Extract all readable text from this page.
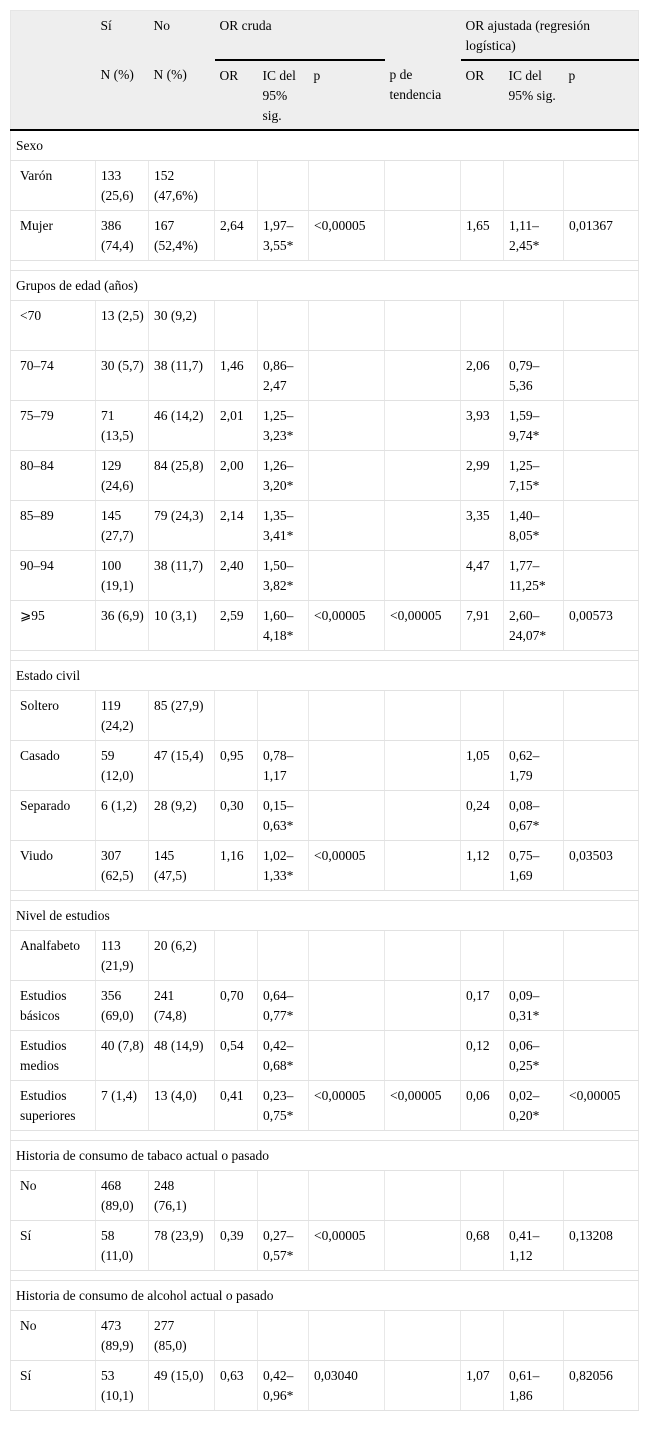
	Sí	No	OR cruda				OR ajustada (regresión logística)		
	N (%)	N (%)	OR	IC del 95% sig.	p	p de tendencia	OR	IC del 95% sig.	p
Sexo									
Varón	133 (25,6)	152 (47,6%)							
Mujer	386 (74,4)	167 (52,4%)	2,64	1,97–3,55*	<0,00005		1,65	1,11–2,45*	0,01367

Grupos de edad (años)									
<70	13 (2,5)	30 (9,2)							
70–74	30 (5,7)	38 (11,7)	1,46	0,86–2,47			2,06	0,79–5,36	
75–79	71 (13,5)	46 (14,2)	2,01	1,25–3,23*			3,93	1,59–9,74*	
80–84	129 (24,6)	84 (25,8)	2,00	1,26–3,20*			2,99	1,25–7,15*	
85–89	145 (27,7)	79 (24,3)	2,14	1,35–3,41*			3,35	1,40–8,05*	
90–94	100 (19,1)	38 (11,7)	2,40	1,50–3,82*			4,47	1,77–11,25*	
⩾95	36 (6,9)	10 (3,1)	2,59	1,60–4,18*	<0,00005	<0,00005	7,91	2,60–24,07*	0,00573

Estado civil									
Soltero	119 (24,2)	85 (27,9)							
Casado	59 (12,0)	47 (15,4)	0,95	0,78–1,17			1,05	0,62–1,79	
Separado	6 (1,2)	28 (9,2)	0,30	0,15–0,63*			0,24	0,08–0,67*	
Viudo	307 (62,5)	145 (47,5)	1,16	1,02–1,33*	<0,00005		1,12	0,75–1,69	0,03503

Nivel de estudios									
Analfabeto	113 (21,9)	20 (6,2)							
Estudios básicos	356 (69,0)	241 (74,8)	0,70	0,64–0,77*			0,17	0,09–0,31*	
Estudios medios	40 (7,8)	48 (14,9)	0,54	0,42–0,68*			0,12	0,06–0,25*	
Estudios superiores	7 (1,4)	13 (4,0)	0,41	0,23–0,75*	<0,00005	<0,00005	0,06	0,02–0,20*	<0,00005

Historia de consumo de tabaco actual o pasado									
No	468 (89,0)	248 (76,1)							
Sí	58 (11,0)	78 (23,9)	0,39	0,27–0,57*	<0,00005		0,68	0,41–1,12	0,13208

Historia de consumo de alcohol actual o pasado									
No	473 (89,9)	277 (85,0)							
Sí	53 (10,1)	49 (15,0)	0,63	0,42–0,96*	0,03040		1,07	0,61–1,86	0,82056
